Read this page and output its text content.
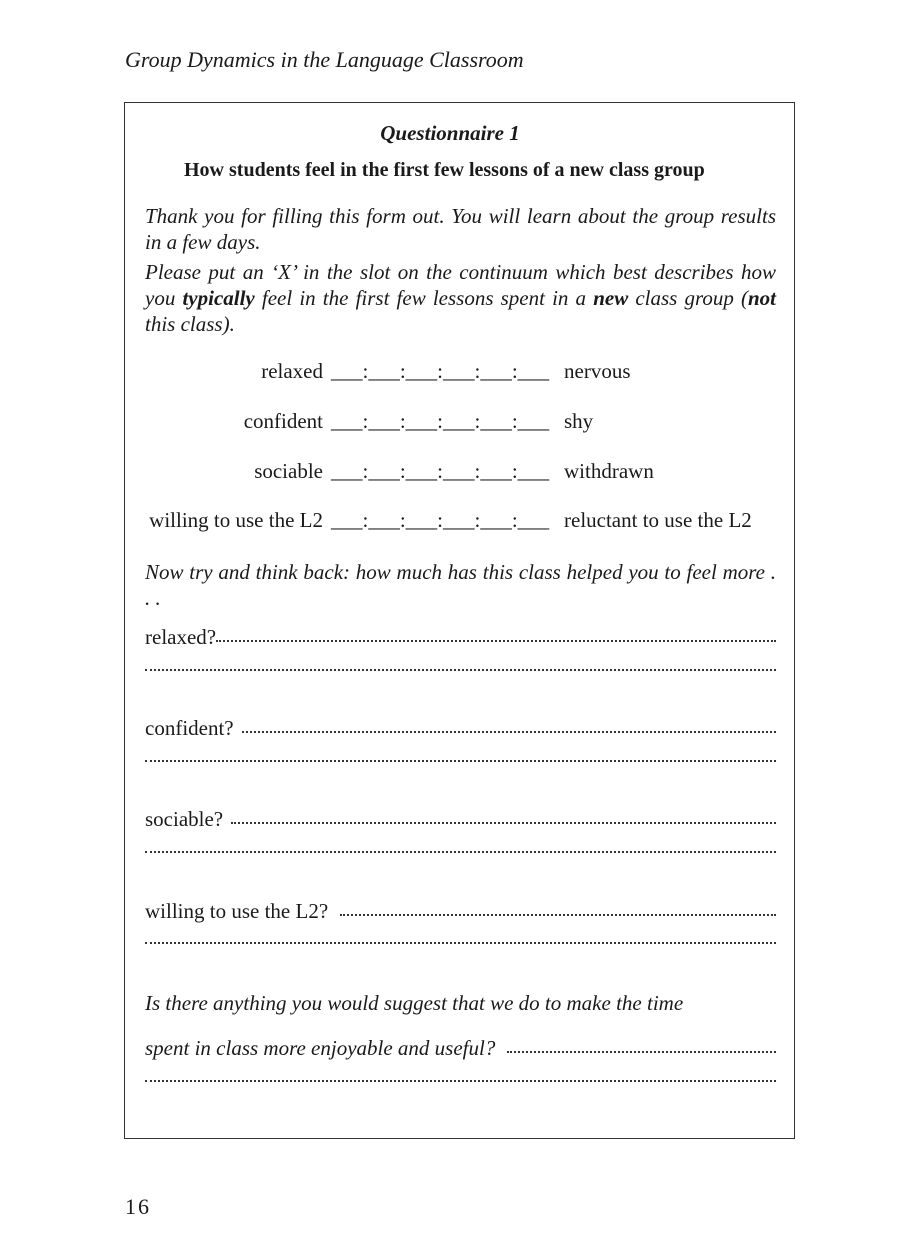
Group Dynamics in the Language Classroom
Questionnaire 1
How students feel in the first few lessons of a new class group
Thank you for filling this form out. You will learn about the group results in a few days.
Please put an ‘X’ in the slot on the continuum which best describes how you typically feel in the first few lessons spent in a new class group (not this class).
relaxed ___:___:___:___:___:___ nervous
confident ___:___:___:___:___:___ shy
sociable ___:___:___:___:___:___ withdrawn
willing to use the L2 ___:___:___:___:___:___ reluctant to use the L2
Now try and think back: how much has this class helped you to feel more . . .
relaxed?
confident?
sociable?
willing to use the L2?
Is there anything you would suggest that we do to make the time
spent in class more enjoyable and useful?
16
